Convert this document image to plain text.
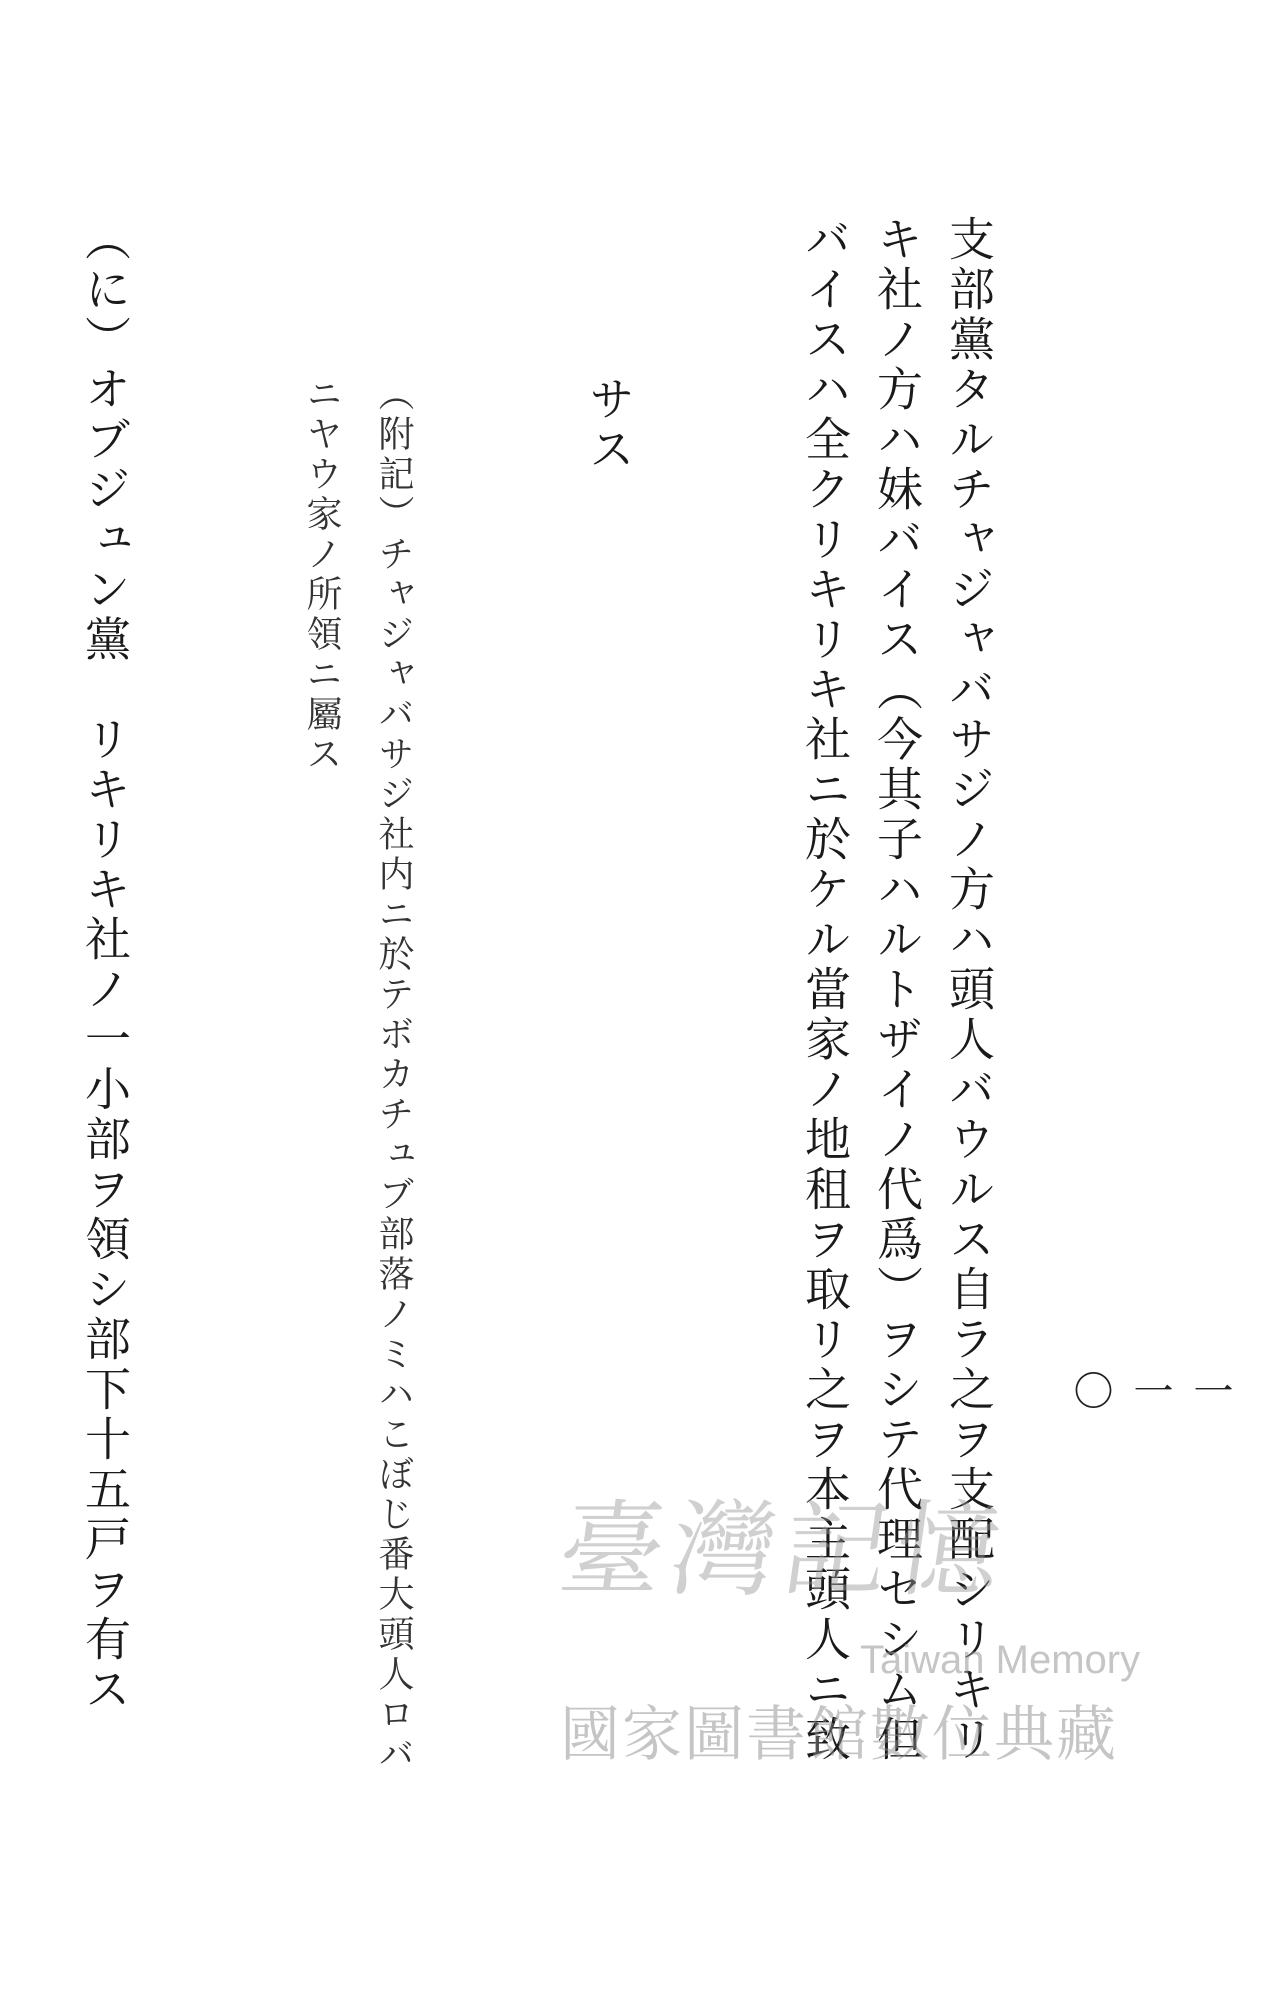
一一〇

支部黨タルチャジャバサジノ方ハ頭人バウルス自ラ之ヲ支配シリキリキ社ノ方ハ妹バイス（今其子ハルトザイノ代爲）ヲシテ代理セシム但バイスハ全クリキリキ社ニ於ケル當家ノ地租ヲ取リ之ヲ本主頭人ニ致

サス

（附記）チャジャバサジ社内ニ於テボカチュブ部落ノミハこぼじ番大頭人ロバニヤウ家ノ所領ニ屬ス

（に）オブジュン黨　リキリキ社ノ一小部ヲ領シ部下十五戸ヲ有ス

	臺灣記憶
Taiwan Memory
國家圖書館數位典藏
